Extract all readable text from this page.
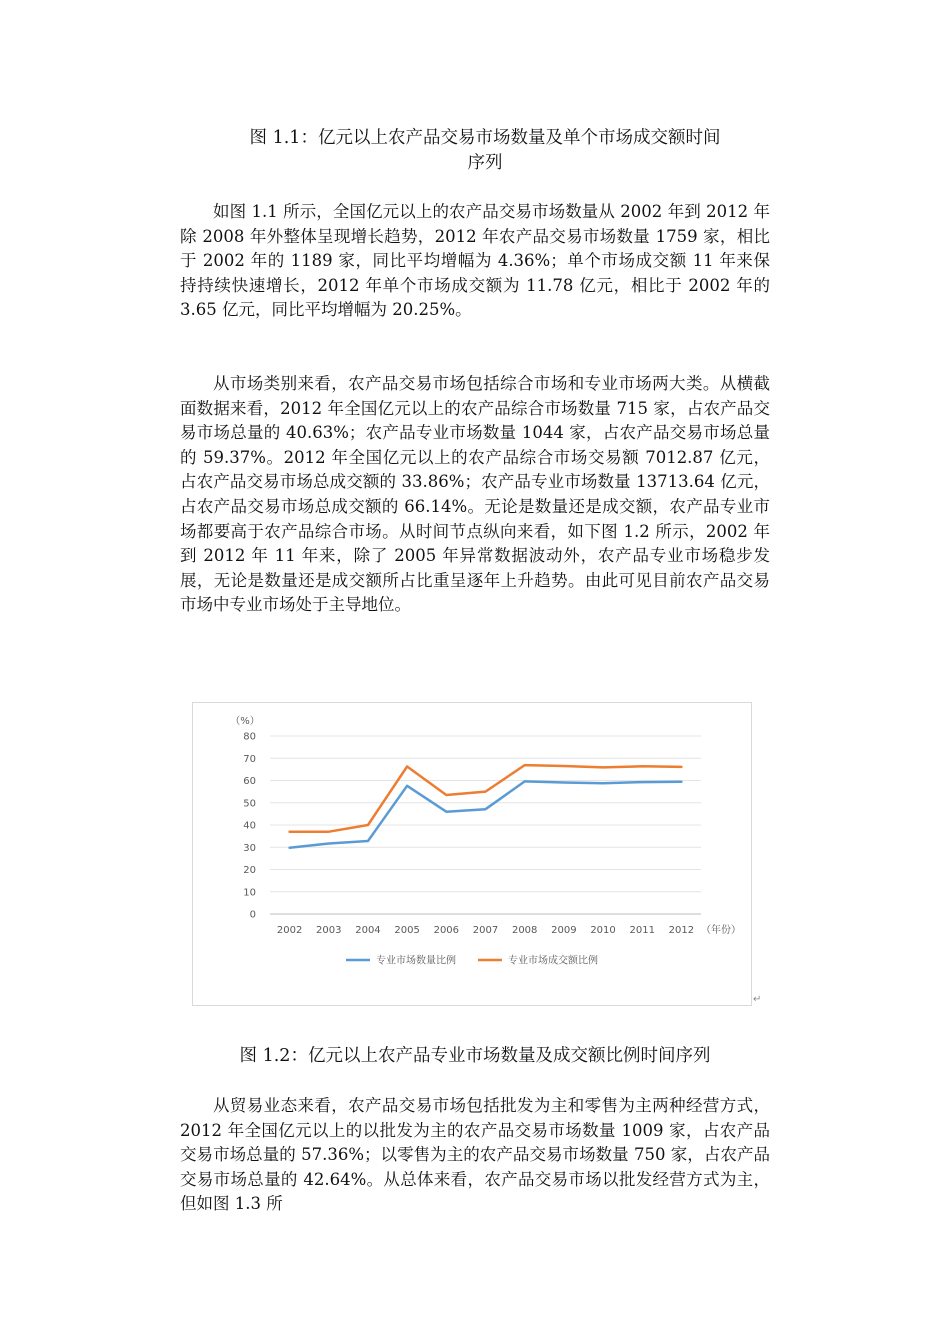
图 1.1：亿元以上农产品交易市场数量及单个市场成交额时间
序列

如图 1.1 所示，全国亿元以上的农产品交易市场数量从 2002 年到 2012 年除 2008 年外整体呈现增长趋势，2012 年农产品交易市场数量 1759 家，相比于 2002 年的 1189 家，同比平均增幅为 4.36%；单个市场成交额 11 年来保持持续快速增长，2012 年单个市场成交额为 11.78 亿元，相比于 2002 年的 3.65 亿元，同比平均增幅为 20.25%。

从市场类别来看，农产品交易市场包括综合市场和专业市场两大类。从横截面数据来看，2012 年全国亿元以上的农产品综合市场数量 715 家，占农产品交易市场总量的 40.63%；农产品专业市场数量 1044 家，占农产品交易市场总量的 59.37%。2012 年全国亿元以上的农产品综合市场交易额 7012.87 亿元，占农产品交易市场总成交额的 33.86%；农产品专业市场数量 13713.64 亿元，占农产品交易市场总成交额的 66.14%。无论是数量还是成交额，农产品专业市场都要高于农产品综合市场。从时间节点纵向来看，如下图 1.2 所示，2002 年到 2012 年 11 年来，除了 2005 年异常数据波动外，农产品专业市场稳步发展，无论是数量还是成交额所占比重呈逐年上升趋势。由此可见目前农产品交易市场中专业市场处于主导地位。

0
10
20
30
40
50
60
70
80
2002 2003 2004 2005 2006 2007 2008 2009 2010 2011 2012
（%）
（年份）
专业市场数量比例	专业市场成交额比例
↵
图 1.2：亿元以上农产品专业市场数量及成交额比例时间序列

从贸易业态来看，农产品交易市场包括批发为主和零售为主两种经营方式，2012 年全国亿元以上的以批发为主的农产品交易市场数量 1009 家，占农产品交易市场总量的 57.36%；以零售为主的农产品交易市场数量 750 家，占农产品交易市场总量的 42.64%。从总体来看，农产品交易市场以批发经营方式为主，但如图 1.3 所
